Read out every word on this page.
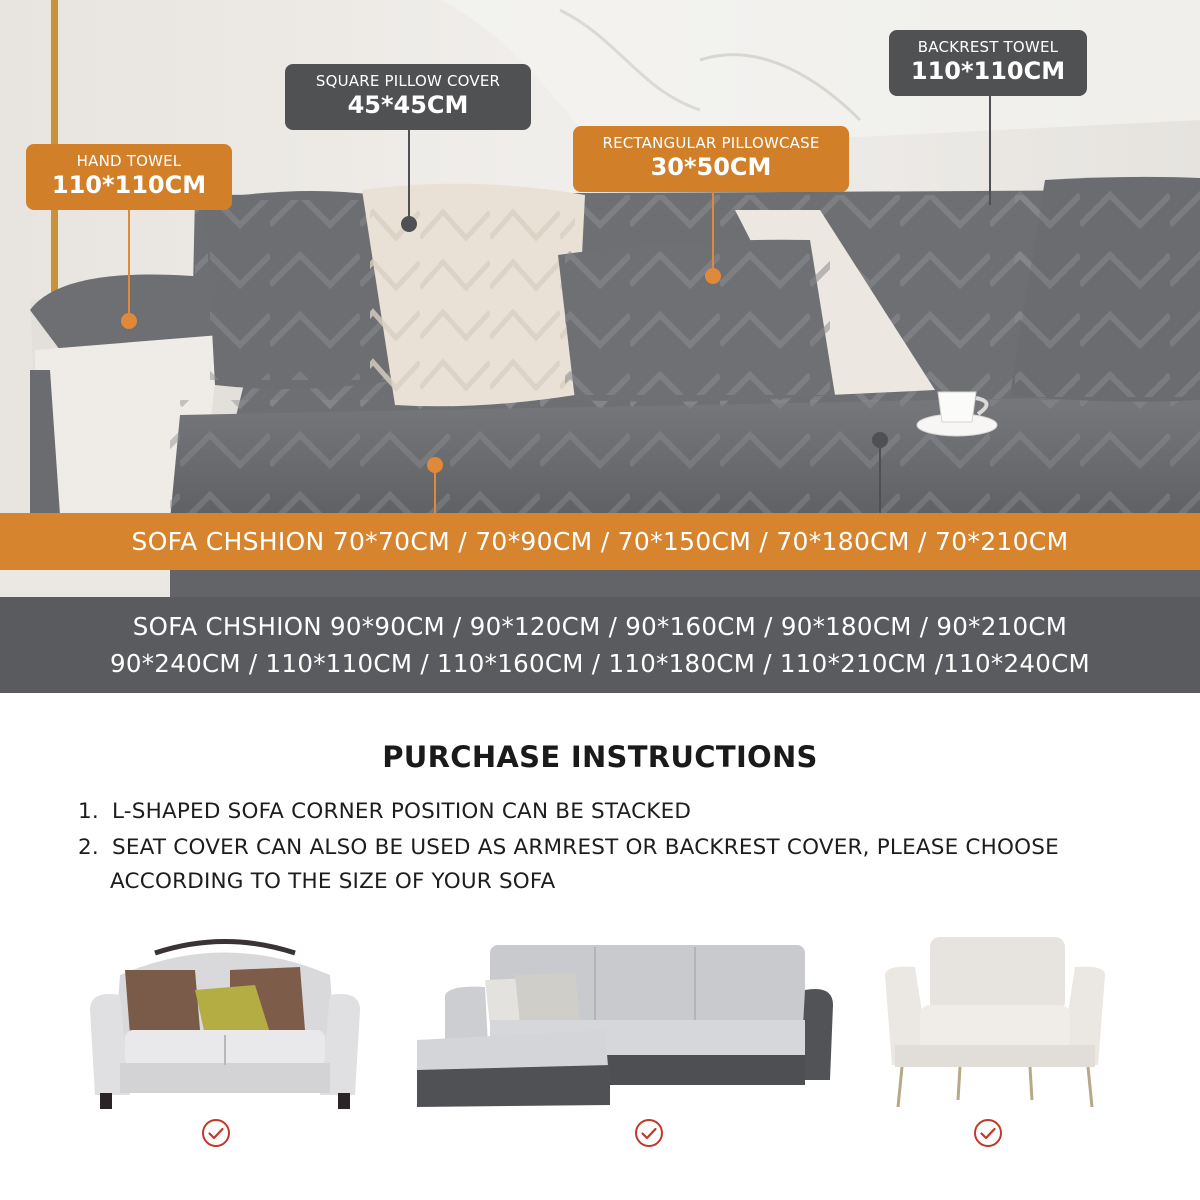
HAND TOWEL
110*110CM
SQUARE PILLOW COVER
45*45CM
RECTANGULAR PILLOWCASE
30*50CM
BACKREST TOWEL
110*110CM
SOFA CHSHION 70*70CM / 70*90CM / 70*150CM / 70*180CM / 70*210CM
SOFA CHSHION 90*90CM / 90*120CM / 90*160CM / 90*180CM / 90*210CM
90*240CM / 110*110CM / 110*160CM / 110*180CM / 110*210CM /110*240CM
PURCHASE INSTRUCTIONS
1. L-SHAPED SOFA CORNER POSITION CAN BE STACKED
2. SEAT COVER CAN ALSO BE USED AS ARMREST OR BACKREST COVER, PLEASE CHOOSE
ACCORDING TO THE SIZE OF YOUR SOFA
